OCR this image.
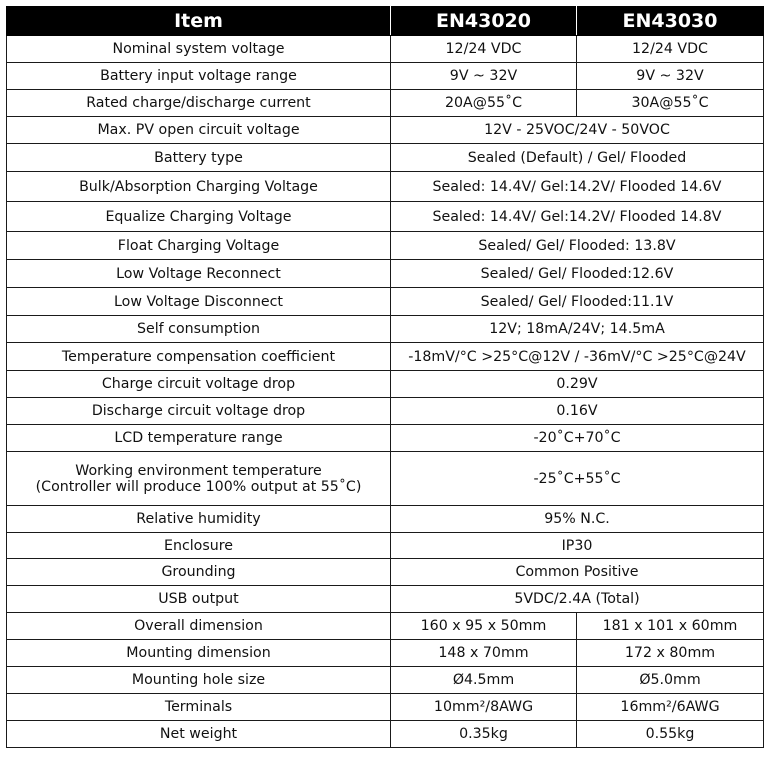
Item	EN43020	EN43030
Nominal system voltage	12/24 VDC	12/24 VDC
Battery input voltage range	9V ~ 32V	9V ~ 32V
Rated charge/discharge current	20A@55˚C	30A@55˚C
Max. PV open circuit voltage	12V - 25VOC/24V - 50VOC	
Battery type	Sealed (Default) / Gel/ Flooded	
Bulk/Absorption Charging Voltage	Sealed: 14.4V/ Gel:14.2V/ Flooded 14.6V	
Equalize Charging Voltage	Sealed: 14.4V/ Gel:14.2V/ Flooded 14.8V	
Float Charging Voltage	Sealed/ Gel/ Flooded: 13.8V	
Low Voltage Reconnect	Sealed/ Gel/ Flooded:12.6V	
Low Voltage Disconnect	Sealed/ Gel/ Flooded:11.1V	
Self consumption	12V; 18mA/24V; 14.5mA	
Temperature compensation coefficient	-18mV/°C >25°C@12V / -36mV/°C >25°C@24V	
Charge circuit voltage drop	0.29V	
Discharge circuit voltage drop	0.16V	
LCD temperature range	-20˚C+70˚C	

Working environment temperature
(Controller will produce 100% output at 55˚C)	-25˚C+55˚C	
Relative humidity	95% N.C.	
Enclosure	IP30	
Grounding	Common Positive	
USB output	5VDC/2.4A (Total)	
Overall dimension	160 x 95 x 50mm	181 x 101 x 60mm
Mounting dimension	148 x 70mm	172 x 80mm
Mounting hole size	Ø4.5mm	Ø5.0mm
Terminals	10mm²/8AWG	16mm²/6AWG
Net weight	0.35kg	0.55kg
